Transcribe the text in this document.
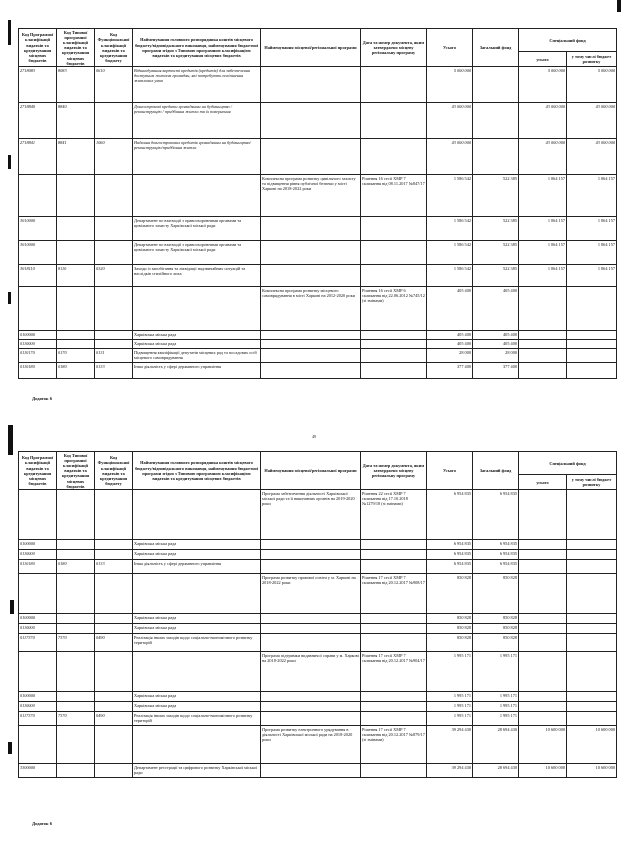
Код Програмної класифікації видатків та кредитування місцевих бюджетів	Код Типової програмної класифікації видатків та кредитування місцевих бюджетів	Код Функціональної класифікації видатків та кредитування бюджету	Найменування головного розпорядника коштів місцевого бюджету/відповідального виконавця, найменування бюджетної програми згідно з Типовою програмною класифікацією видатків та кредитування місцевих бюджетів	Найменування місцевої/регіональної програми	Дата та номер документа, яким затверджено місцеву регіональну програму	Усього	Загальний фонд	Спеціальний фонд	
								усього	у тому числі бюджет розвитку
2718083	8083	0610	Відшкодування вартості кредитів (кредитів) для забезпечення доступним житлом громадян, які потребують поліпшення житлових умов			5 000 000		5 000 000	5 000 000
2718840	8840		Довгострокові кредити громадянам на будівництво / реконструкцію / придбання житла та їх повернення			43 000 000		43 000 000	43 000 000
2718841	8841	1060	Надання довгострокових кредитів громадянам на будівництво/реконструкцію/придбання житла			43 000 000		43 000 000	43 000 000
				Комплексна програма розвитку цивільного захисту та підвищення рівня публічної безпеки у місті Харкові на 2018-2022 роки	Рішення 16 сесії ХМР 7 скликання від 08.11.2017 №847/17	1 586 542	522 385	1 064 157	1 064 157
3010000			Департамент по взаємодії з правоохоронними органами та цивільного захисту Харківської міської ради			1 586 542	522 385	1 064 157	1 064 157
3010000			Департамент по взаємодії з правоохоронними органами та цивільного захисту Харківської міської ради			1 586 542	522 385	1 064 157	1 064 157
3018110	8110	0320	Заходи із запобігання та ліквідації надзвичайних ситуацій та наслідків стихійного лиха			1 586 542	522 385	1 064 157	1 064 157
				Комплексна програма розвитку місцевого самоврядування в місті Харкові на 2012-2020 роки	Рішення 16 сесії ХМР 6 скликання від 22.06.2012 №745/12 (зі змінами)	405 400	405 400		
0100000			Харківська міська рада			405 400	405 400		
0110000			Харківська міська рада			405 400	405 400		
0110170	0170	0131	Підвищення кваліфікації депутатів місцевих рад та посадових осіб місцевого самоврядування			28 000	28 000		
0110180	0180	0133	Інша діяльність у сфері державного управління			377 400	377 400		
Додаток 6
49
Код Програмної класифікації видатків та кредитування місцевих бюджетів	Код Типової програмної класифікації видатків та кредитування місцевих бюджетів	Код Функціональної класифікації видатків та кредитування бюджету	Найменування головного розпорядника коштів місцевого бюджету/відповідального виконавця, найменування бюджетної програми згідно з Типовою програмною класифікацією видатків та кредитування місцевих бюджетів	Найменування місцевої/регіональної програми	Дата та номер документа, яким затверджено місцеву регіональну програму	Усього	Загальний фонд	Спеціальний фонд	
								усього	у тому числі бюджет розвитку
				Програма забезпечення діяльності Харківської міської ради та її виконавчих органів на 2019-2020 роки	Рішення 22 сесії ХМР 7 скликання від 17.10.2018 №1279/18 (зі змінами)	6 954 835	6 954 835		
0100000			Харківська міська рада			6 954 835	6 954 835		
0110000			Харківська міська рада			6 954 835	6 954 835		
0110180	0180	0133	Інша діяльність у сфері державного управління			6 954 835	6 954 835		
				Програма розвитку правової освіти у м. Харкові на 2018-2022 роки	Рішення 17 сесії ХМР 7 скликання від 20.12.2017 №908/17	850 828	850 828		
0100000			Харківська міська рада			850 828	850 828		
0110000			Харківська міська рада			850 828	850 828		
0117370	7370	0490	Реалізація інших заходів щодо соціально-економічного розвитку територій			850 828	850 828		
				Програма підтримки видавничої справи у м. Харкові на 2018-2022 роки	Рішення 17 сесії ХМР 7 скликання від 20.12.2017 №904/17	1 995 171	1 995 171		
0100000			Харківська міська рада			1 995 171	1 995 171		
0110000			Харківська міська рада			1 995 171	1 995 171		
0117370	7370	0490	Реалізація інших заходів щодо соціально-економічного розвитку територій			1 995 171	1 995 171		
				Програма розвитку електронного урядування в діяльності Харківської міської ради на 2018-2020 роки	Рішення 17 сесії ХМР 7 скликання від 20.12.2017 №879/17 (зі змінами)	39 294 430	28 694 430	10 600 000	10 600 000
3300000			Департамент реєстрації та цифрового розвитку Харківської міської ради			39 294 430	28 694 430	10 600 000	10 600 000
Додаток 6
